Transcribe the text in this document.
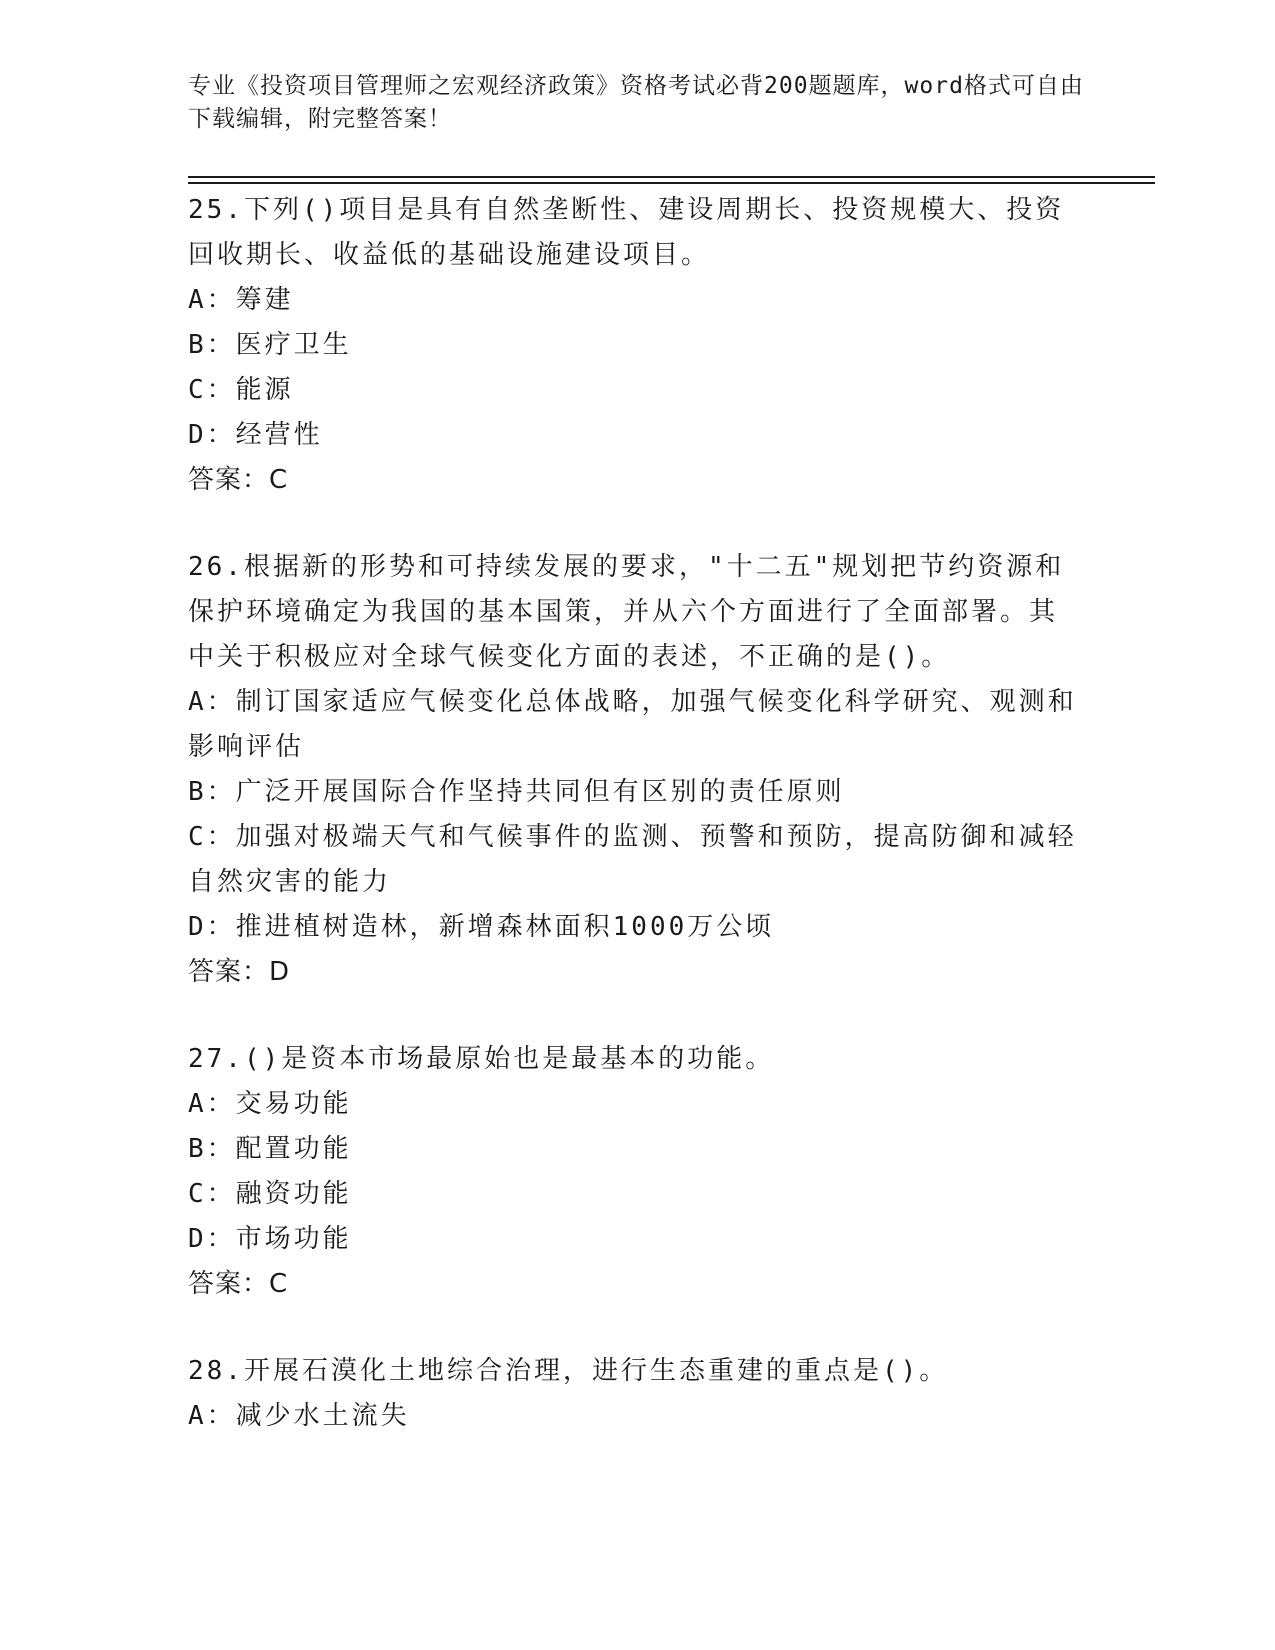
专业《投资项目管理师之宏观经济政策》资格考试必背200题题库，word格式可自由下载编辑，附完整答案！
25.下列()项目是具有自然垄断性、建设周期长、投资规模大、投资回收期长、收益低的基础设施建设项目。
A：筹建
B：医疗卫生
C：能源
D：经营性
答案：C
26.根据新的形势和可持续发展的要求，"十二五"规划把节约资源和保护环境确定为我国的基本国策，并从六个方面进行了全面部署。其中关于积极应对全球气候变化方面的表述，不正确的是()。
A：制订国家适应气候变化总体战略，加强气候变化科学研究、观测和影响评估
B：广泛开展国际合作坚持共同但有区别的责任原则
C：加强对极端天气和气候事件的监测、预警和预防，提高防御和减轻自然灾害的能力
D：推进植树造林，新增森林面积1000万公顷
答案：D
27.()是资本市场最原始也是最基本的功能。
A：交易功能
B：配置功能
C：融资功能
D：市场功能
答案：C
28.开展石漠化土地综合治理，进行生态重建的重点是()。
A：减少水土流失
